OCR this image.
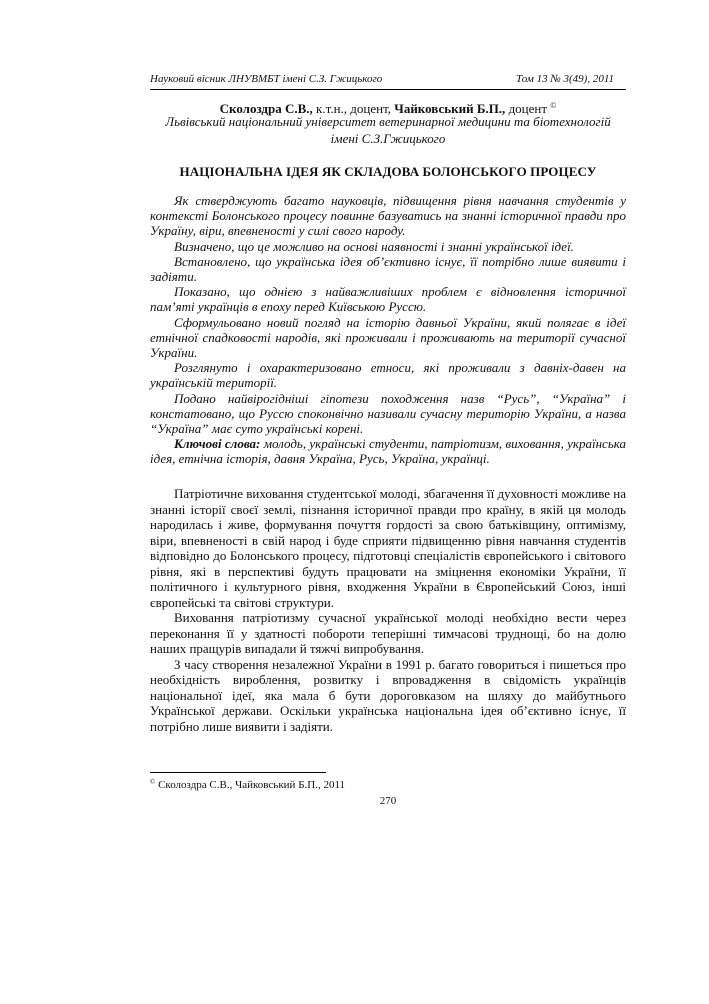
Науковий вісник ЛНУВМБТ імені С.З. Гжицького	Том 13 № 3(49), 2011
Сколоздра С.В., к.т.н., доцент, Чайковський Б.П., доцент ©
Львівський національний університет ветеринарної медицини та біотехнологій імені С.З.Гжицького
НАЦІОНАЛЬНА ІДЕЯ ЯК СКЛАДОВА БОЛОНСЬКОГО ПРОЦЕСУ

Як стверджують багато науковців, підвищення рівня навчання студентів у контексті Болонського процесу повинне базуватись на знанні історичної правди про Україну, віри, впевненості у силі свого народу.

Визначено, що це можливо на основі наявності і знанні української ідеї.

Встановлено, що українська ідея об’єктивно існує, її потрібно лише виявити і задіяти.

Показано, що однією з найважливіших проблем є відновлення історичної пам’яті українців в епоху перед Київською Руссю.

Сформульовано новий погляд на історію давньої України, який полягає в ідеї етнічної спадковості народів, які проживали і проживають на території сучасної України.

Розглянуто і охарактеризовано етноси, які проживали з давніх-давен на українській території.

Подано найвірогідніші гіпотези походження назв “Русь”, “Україна” і констатовано, що Руссю споконвічно називали сучасну територію України, а назва “Україна” має суто українські корені.

Ключові слова: молодь, українські студенти, патріотизм, виховання, українська ідея, етнічна історія, давня Україна, Русь, Україна, українці.

Патріотичне виховання студентської молоді, збагачення її духовності можливе на знанні історії своєї землі, пізнання історичної правди про країну, в якій ця молодь народилась і живе, формування почуття гордості за свою батьківщину, оптимізму, віри, впевненості в свій народ і буде сприяти підвищенню рівня навчання студентів відповідно до Болонського процесу, підготовці спеціалістів європейського і світового рівня, які в перспективі будуть працювати на зміцнення економіки України, її політичного і культурного рівня, входження України в Європейський Союз, інші європейські та світові структури.

Виховання патріотизму сучасної української молоді необхідно вести через переконання її у здатності побороти теперішні тимчасові труднощі, бо на долю наших пращурів випадали й тяжчі випробування.

З часу створення незалежної України в 1991 р. багато говориться і пишеться про необхідність вироблення, розвитку і впровадження в свідомість українців національної ідеї, яка мала б бути дороговказом на шляху до майбутнього Української держави. Оскільки українська національна ідея об’єктивно існує, її потрібно лише виявити і задіяти.

© Сколоздра С.В., Чайковський Б.П., 2011
270
